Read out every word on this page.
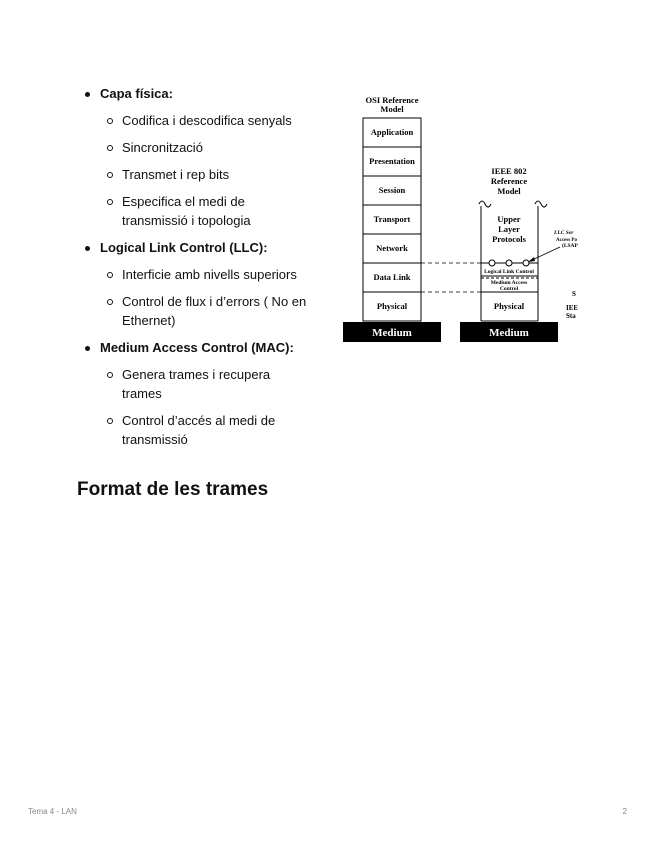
Capa física:
Codifica i descodifica senyals
Sincronització
Transmet i rep bits
Especifica el medi de transmissió i topologia
Logical Link Control (LLC):
Interficie amb nivells superiors
Control de flux i d’errors ( No en Ethernet)
Medium Access Control (MAC):
Genera trames i recupera trames
Control d’accés al medi de transmissió
OSI Reference
Model
Application
Presentation
Session
Transport
Network
Data Link
Physical
Medium
IEEE 802
Reference
Model
Upper
Layer
Protocols
Logical Link Control
Medium Access
Control
Physical
Medium
LLC Ser
Access Po
(LSAP
S
IEE
Sta
Format de les trames
Tema 4 - LAN	2
